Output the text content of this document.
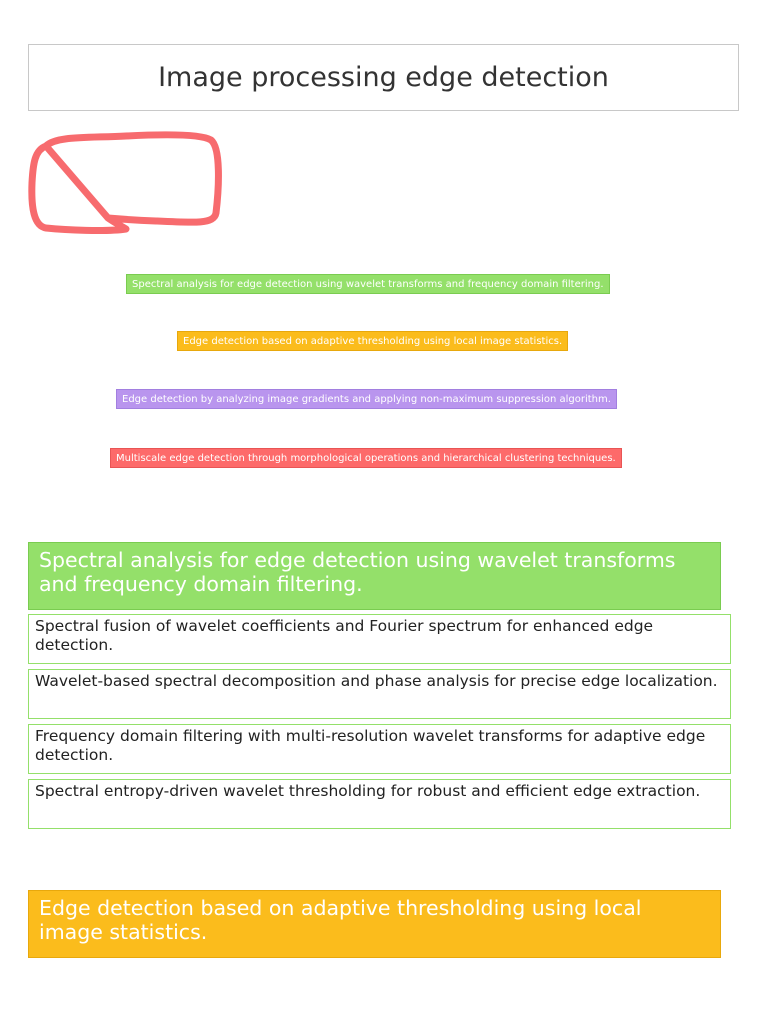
Image processing edge detection
Spectral analysis for edge detection using wavelet transforms and frequency domain filtering.
Edge detection based on adaptive thresholding using local image statistics.
Edge detection by analyzing image gradients and applying non-maximum suppression algorithm.
Multiscale edge detection through morphological operations and hierarchical clustering techniques.
Spectral analysis for edge detection using wavelet transforms and frequency domain filtering.
Spectral fusion of wavelet coefficients and Fourier spectrum for enhanced edge detection.
Wavelet-based spectral decomposition and phase analysis for precise edge localization.
Frequency domain filtering with multi-resolution wavelet transforms for adaptive edge detection.
Spectral entropy-driven wavelet thresholding for robust and efficient edge extraction.
Edge detection based on adaptive thresholding using local image statistics.
